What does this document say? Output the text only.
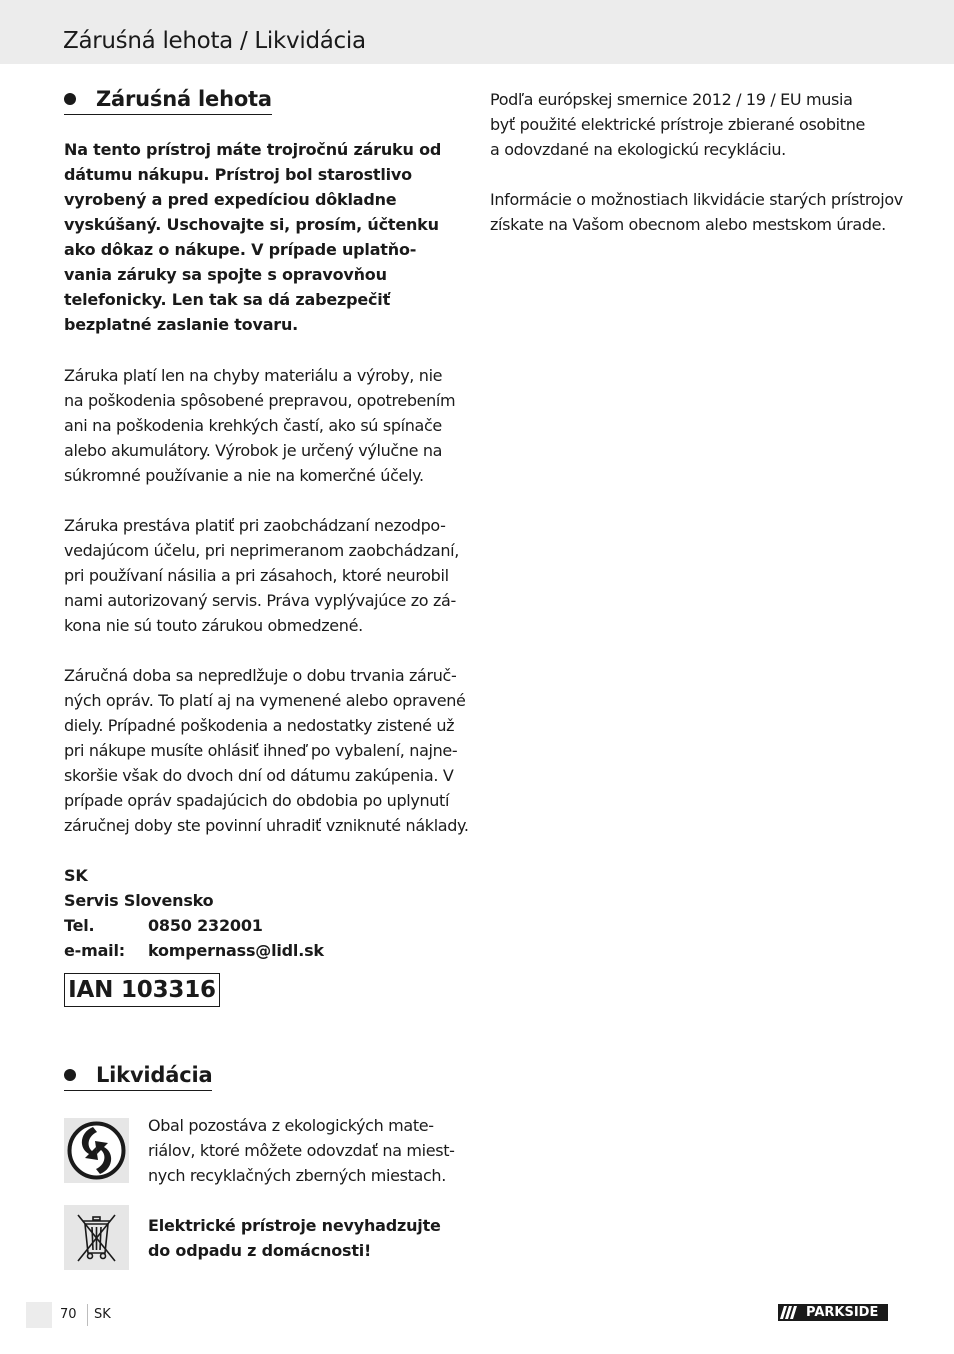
Záruśná lehota / Likvidácia
Záruśná lehota
Na tento prístroj máte trojročnú záruku od
dátumu nákupu. Prístroj bol starostlivo
vyrobený a pred expedíciou dôkladne
vyskúšaný. Uschovajte si, prosím, účtenku
ako dôkaz o nákupe. V prípade uplatňo-
vania záruky sa spojte s opravovňou
telefonicky. Len tak sa dá zabezpečiť
bezplatné zaslanie tovaru.
Záruka platí len na chyby materiálu a výroby, nie
na poškodenia spôsobené prepravou, opotrebením
ani na poškodenia krehkých častí, ako sú spínače
alebo akumulátory. Výrobok je určený výlučne na
súkromné používanie a nie na komerčné účely.
Záruka prestáva platiť pri zaobchádzaní nezodpo-
vedajúcom účelu, pri neprimeranom zaobchádzaní,
pri používaní násilia a pri zásahoch, ktoré neurobil
nami autorizovaný servis. Práva vyplývajúce zo zá-
kona nie sú touto zárukou obmedzené.
Záručná doba sa nepredlžuje o dobu trvania záruč-
ných opráv. To platí aj na vymenené alebo opravené
diely. Prípadné poškodenia a nedostatky zistené už
pri nákupe musíte ohlásiť ihneď po vybalení, najne-
skoršie však do dvoch dní od dátumu zakúpenia. V
prípade opráv spadajúcich do obdobia po uplynutí
záručnej doby ste povinní uhradiť vzniknuté náklady.
SK
Servis Slovensko
Tel.	0850 232001
e-mail:	kompernass@lidl.sk
IAN 103316
Likvidácia
Obal pozostáva z ekologických mate-
riálov, ktoré môžete odovzdať na miest-
nych recyklačných zberných miestach.
Elektrické prístroje nevyhadzujte
do odpadu z domácnosti!
Podľa európskej smernice 2012 / 19 / EU musia
byť použité elektrické prístroje zbierané osobitne
a odovzdané na ekologickú recykláciu.
Informácie o možnostiach likvidácie starých prístrojov
získate na Vašom obecnom alebo mestskom úrade.
70 SK	PARKSIDE
